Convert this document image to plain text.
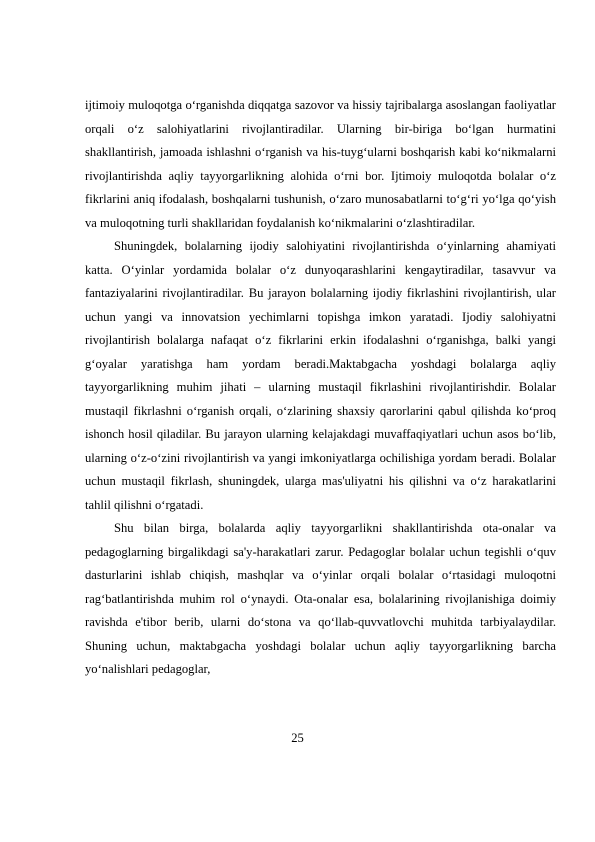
ijtimoiy muloqotga o‘rganishda diqqatga sazovor va hissiy tajribalarga asoslangan faoliyatlar orqali o‘z salohiyatlarini rivojlantiradilar. Ularning bir-biriga bo‘lgan hurmatini shakllantirish, jamoada ishlashni o‘rganish va his-tuyg‘ularni boshqarish kabi ko‘nikmalarni rivojlantirishda aqliy tayyorgarlikning alohida o‘rni bor. Ijtimoiy muloqotda bolalar o‘z fikrlarini aniq ifodalash, boshqalarni tushunish, o‘zaro munosabatlarni to‘g‘ri yo‘lga qo‘yish va muloqotning turli shakllaridan foydalanish ko‘nikmalarini o‘zlashtiradilar.

Shuningdek, bolalarning ijodiy salohiyatini rivojlantirishda o‘yinlarning ahamiyati katta. O‘yinlar yordamida bolalar o‘z dunyoqarashlarini kengaytiradilar, tasavvur va fantaziyalarini rivojlantiradilar. Bu jarayon bolalarning ijodiy fikrlashini rivojlantirish, ular uchun yangi va innovatsion yechimlarni topishga imkon yaratadi. Ijodiy salohiyatni rivojlantirish bolalarga nafaqat o‘z fikrlarini erkin ifodalashni o‘rganishga, balki yangi g‘oyalar yaratishga ham yordam beradi.Maktabgacha yoshdagi bolalarga aqliy tayyorgarlikning muhim jihati – ularning mustaqil fikrlashini rivojlantirishdir. Bolalar mustaqil fikrlashni o‘rganish orqali, o‘zlarining shaxsiy qarorlarini qabul qilishda ko‘proq ishonch hosil qiladilar. Bu jarayon ularning kelajakdagi muvaffaqiyatlari uchun asos bo‘lib, ularning o‘z-o‘zini rivojlantirish va yangi imkoniyatlarga ochilishiga yordam beradi. Bolalar uchun mustaqil fikrlash, shuningdek, ularga mas'uliyatni his qilishni va o‘z harakatlarini tahlil qilishni o‘rgatadi.

Shu bilan birga, bolalarda aqliy tayyorgarlikni shakllantirishda ota-onalar va pedagoglarning birgalikdagi sa'y-harakatlari zarur. Pedagoglar bolalar uchun tegishli o‘quv dasturlarini ishlab chiqish, mashqlar va o‘yinlar orqali bolalar o‘rtasidagi muloqotni rag‘batlantirishda muhim rol o‘ynaydi. Ota-onalar esa, bolalarining rivojlanishiga doimiy ravishda e'tibor berib, ularni do‘stona va qo‘llab-quvvatlovchi muhitda tarbiyalaydilar. Shuning uchun, maktabgacha yoshdagi bolalar uchun aqliy tayyorgarlikning barcha yo‘nalishlari pedagoglar,

25
